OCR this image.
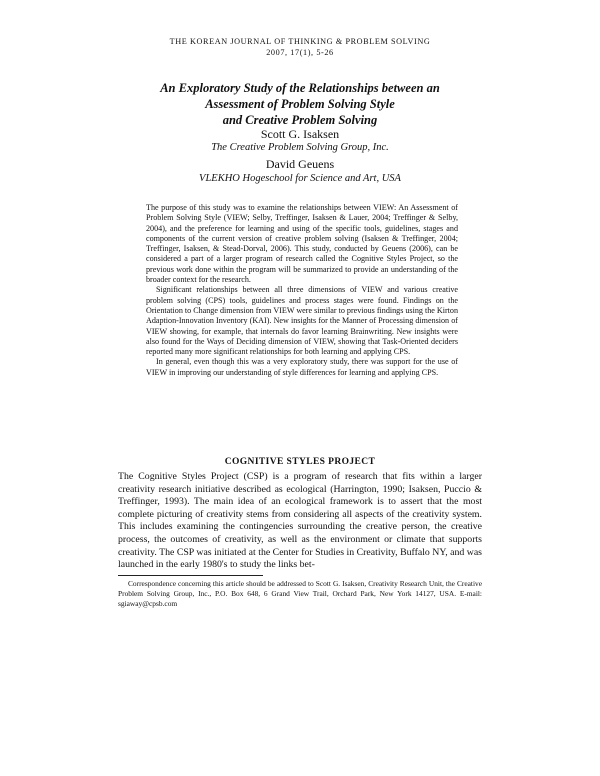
THE KOREAN JOURNAL OF THINKING & PROBLEM SOLVING
2007, 17(1), 5-26
An Exploratory Study of the Relationships between an
Assessment of Problem Solving Style
and Creative Problem Solving
Scott G. Isaksen
The Creative Problem Solving Group, Inc.
David Geuens
VLEKHO Hogeschool for Science and Art, USA

The purpose of this study was to examine the relationships between VIEW: An Assessment of Problem Solving Style (VIEW; Selby, Treffinger, Isaksen & Lauer, 2004; Treffinger & Selby, 2004), and the preference for learning and using of the specific tools, guidelines, stages and components of the current version of creative problem solving (Isaksen & Treffinger, 2004; Treffinger, Isaksen, & Stead-Dorval, 2006). This study, conducted by Geuens (2006), can be considered a part of a larger program of research called the Cognitive Styles Project, so the previous work done within the program will be summarized to provide an understanding of the broader context for the research.

Significant relationships between all three dimensions of VIEW and various creative problem solving (CPS) tools, guidelines and process stages were found. Findings on the Orientation to Change dimension from VIEW were similar to previous findings using the Kirton Adaption-Innovation Inventory (KAI). New insights for the Manner of Processing dimension of VIEW showing, for example, that internals do favor learning Brainwriting. New insights were also found for the Ways of Deciding dimension of VIEW, showing that Task-Oriented deciders reported many more significant relationships for both learning and applying CPS.

In general, even though this was a very exploratory study, there was support for the use of VIEW in improving our understanding of style differences for learning and applying CPS.

COGNITIVE STYLES PROJECT

The Cognitive Styles Project (CSP) is a program of research that fits within a larger creativity research initiative described as ecological (Harrington, 1990; Isaksen, Puccio & Treffinger, 1993). The main idea of an ecological framework is to assert that the most complete picturing of creativity stems from considering all aspects of the creativity system. This includes examining the contingencies surrounding the creative person, the creative process, the outcomes of creativity, as well as the environment or climate that supports creativity. The CSP was initiated at the Center for Studies in Creativity, Buffalo NY, and was launched in the early 1980's to study the links bet-

Correspondence concerning this article should be addressed to Scott G. Isaksen, Creativity Research Unit, the Creative Problem Solving Group, Inc., P.O. Box 648, 6 Grand View Trail, Orchard Park, New York 14127, USA. E-mail: sgiaway@cpsb.com
